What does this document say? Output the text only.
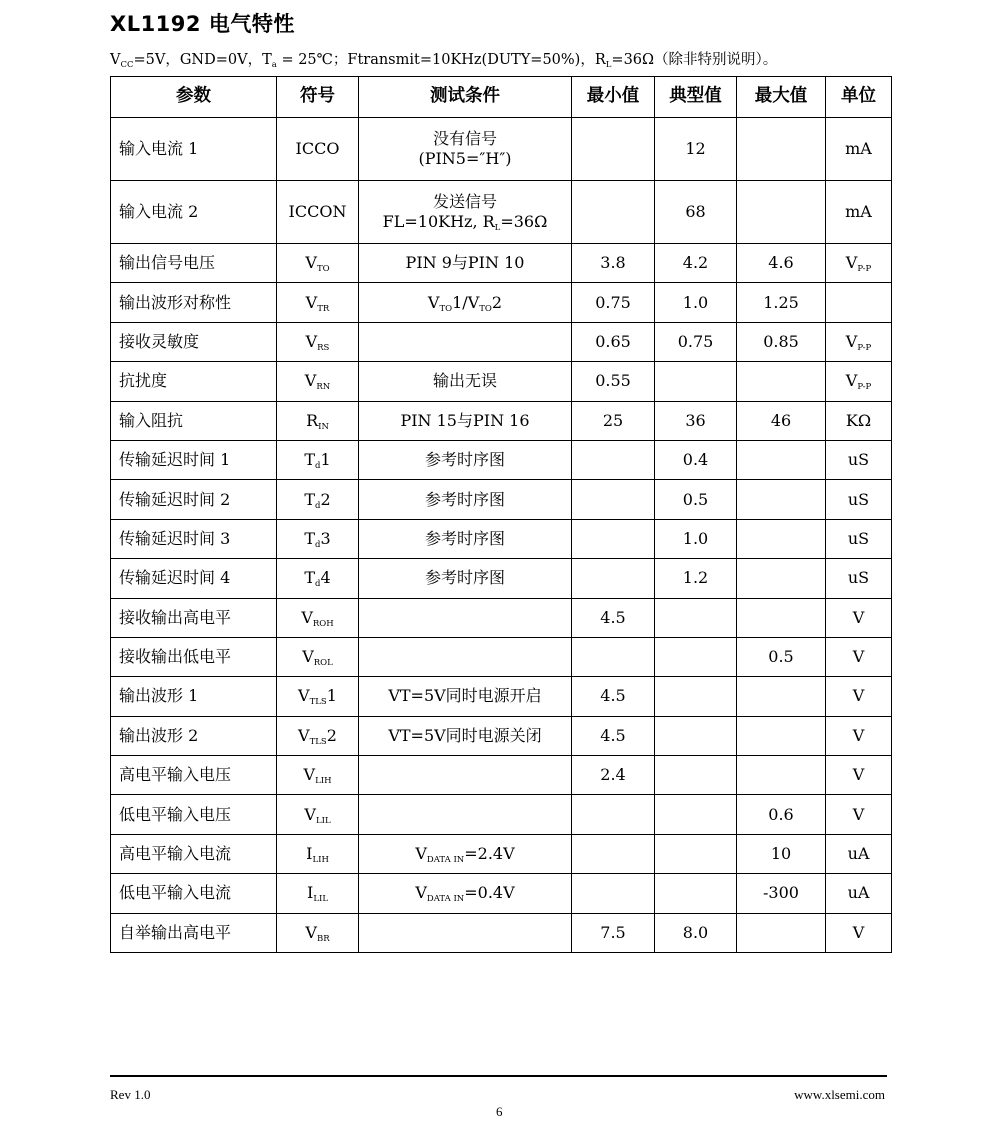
XL1192 电气特性
$V_{CC}=5V$，GND=0V，$T_a$ = 25℃；Ftransmit=10KHz(DUTY=50%)，$R_L=36\Omega$（除非特别说明）。
参数	符号	测试条件	最小值	典型值	最大值	单位
输入电流 1	ICCO	没有信号
(PIN5=″H″)		12		mA
输入电流 2	ICCON	发送信号
FL=10KHz, $R_L=36\Omega$		68		mA
输出信号电压	$V_{TO}$	PIN 9与PIN 10	3.8	4.2	4.6	$V_{P-P}$
输出波形对称性	$V_{TR}$	$V_{TO}1/V_{TO}2$	0.75	1.0	1.25	
接收灵敏度	$V_{RS}$		0.65	0.75	0.85	$V_{P-P}$
抗扰度	$V_{RN}$	输出无误	0.55			$V_{P-P}$
输入阻抗	$R_{IN}$	PIN 15与PIN 16	25	36	46	KΩ
传输延迟时间 1	$T_d1$	参考时序图		0.4		uS
传输延迟时间 2	$T_d2$	参考时序图		0.5		uS
传输延迟时间 3	$T_d3$	参考时序图		1.0		uS
传输延迟时间 4	$T_d4$	参考时序图		1.2		uS
接收输出高电平	$V_{ROH}$		4.5			V
接收输出低电平	$V_{ROL}$				0.5	V
输出波形 1	$V_{TLS}1$	VT=5V同时电源开启	4.5			V
输出波形 2	$V_{TLS}2$	VT=5V同时电源关闭	4.5			V
高电平输入电压	$V_{LIH}$		2.4			V
低电平输入电压	$V_{LIL}$				0.6	V
高电平输入电流	$I_{LIH}$	$V_{DATA IN}=2.4V$			10	uA
低电平输入电流	$I_{LIL}$	$V_{DATA IN}=0.4V$			-300	uA
自举输出高电平	$V_{BR}$		7.5	8.0		V
Rev 1.0	www.xlsemi.com
6
